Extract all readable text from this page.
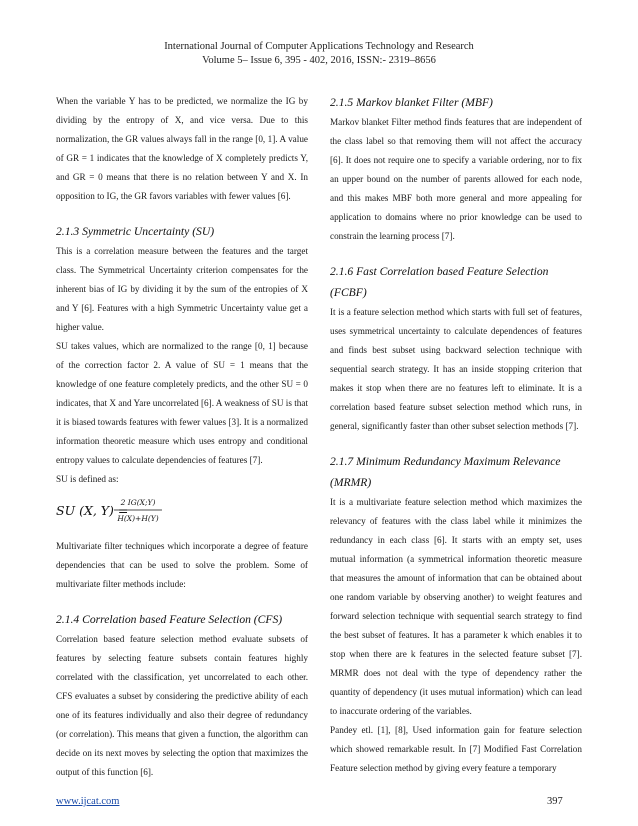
International Journal of Computer Applications Technology and Research
Volume 5– Issue 6, 395 - 402, 2016, ISSN:- 2319–8656

When the variable Y has to be predicted, we normalize the IG by dividing by the entropy of X, and vice versa. Due to this normalization, the GR values always fall in the range [0, 1]. A value of GR = 1 indicates that the knowledge of X completely predicts Y, and GR = 0 means that there is no relation between Y and X. In opposition to IG, the GR favors variables with fewer values [6].

2.1.3 Symmetric Uncertainty (SU)

This is a correlation measure between the features and the target class. The Symmetrical Uncertainty criterion compensates for the inherent bias of IG by dividing it by the sum of the entropies of X and Y [6]. Features with a high Symmetric Uncertainty value get a higher value.

SU takes values, which are normalized to the range [0, 1] because of the correction factor 2. A value of SU = 1 means that the knowledge of one feature completely predicts, and the other SU = 0 indicates, that X and Yare uncorrelated [6]. A weakness of SU is that it is biased towards features with fewer values [3]. It is a normalized information theoretic measure which uses entropy and conditional entropy values to calculate dependencies of features [7].

SU is defined as:

SU (X, Y) =
2 IG(X;Y)
H(X)+H(Y)

Multivariate filter techniques which incorporate a degree of feature dependencies that can be used to solve the problem. Some of multivariate filter methods include:

2.1.4 Correlation based Feature Selection (CFS)

Correlation based feature selection method evaluate subsets of features by selecting feature subsets contain features highly correlated with the classification, yet uncorrelated to each other. CFS evaluates a subset by considering the predictive ability of each one of its features individually and also their degree of redundancy (or correlation). This means that given a function, the algorithm can decide on its next moves by selecting the option that maximizes the output of this function [6].

2.1.5 Markov blanket Filter (MBF)

Markov blanket Filter method finds features that are independent of the class label so that removing them will not affect the accuracy [6]. It does not require one to specify a variable ordering, nor to fix an upper bound on the number of parents allowed for each node, and this makes MBF both more general and more appealing for application to domains where no prior knowledge can be used to constrain the learning process [7].

2.1.6 Fast Correlation based Feature Selection (FCBF)

It is a feature selection method which starts with full set of features, uses symmetrical uncertainty to calculate dependences of features and finds best subset using backward selection technique with sequential search strategy. It has an inside stopping criterion that makes it stop when there are no features left to eliminate. It is a correlation based feature subset selection method which runs, in general, significantly faster than other subset selection methods [7].

2.1.7 Minimum Redundancy Maximum Relevance (MRMR)

It is a multivariate feature selection method which maximizes the relevancy of features with the class label while it minimizes the redundancy in each class [6]. It starts with an empty set, uses mutual information (a symmetrical information theoretic measure that measures the amount of information that can be obtained about one random variable by observing another) to weight features and forward selection technique with sequential search strategy to find the best subset of features. It has a parameter k which enables it to stop when there are k features in the selected feature subset [7]. MRMR does not deal with the type of dependency rather the quantity of dependency (it uses mutual information) which can lead to inaccurate ordering of the variables.

Pandey etl. [1], [8], Used information gain for feature selection which showed remarkable result. In [7] Modified Fast Correlation Feature selection method by giving every feature a temporary

www.ijcat.com	397
